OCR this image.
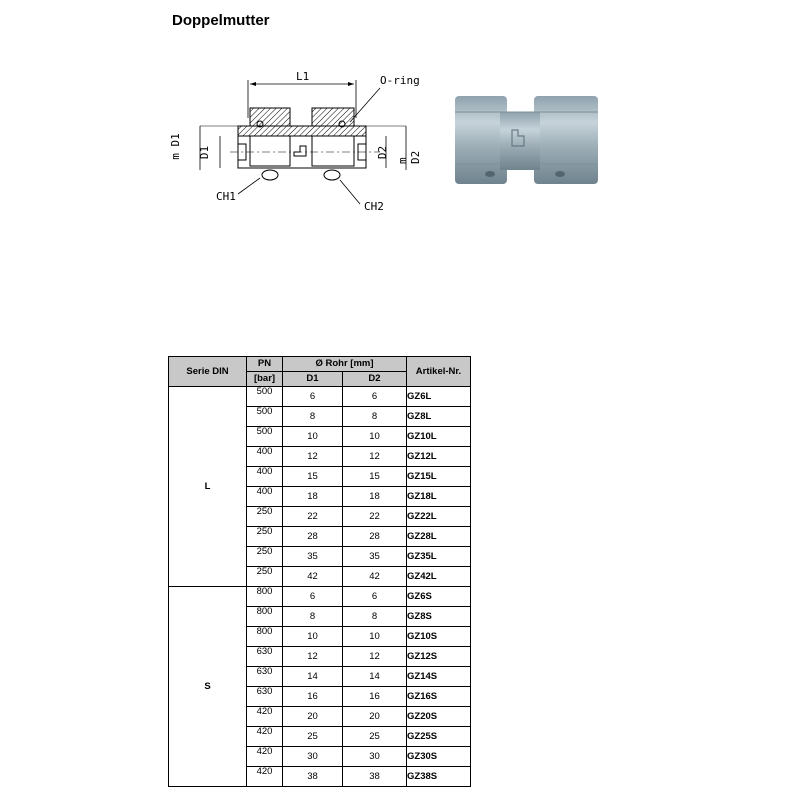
Doppelmutter
L1	O-ring
m D1 D1	D2
m D2
CH1
CH2
Serie DIN	PN	Ø Rohr [mm]		Artikel-Nr.
	[bar]	D1	D2	
L	500	6	6	GZ6L
	500	8	8	GZ8L
	500	10	10	GZ10L
	400	12	12	GZ12L
	400	15	15	GZ15L
	400	18	18	GZ18L
	250	22	22	GZ22L
	250	28	28	GZ28L
	250	35	35	GZ35L
	250	42	42	GZ42L
S	800	6	6	GZ6S
	800	8	8	GZ8S
	800	10	10	GZ10S
	630	12	12	GZ12S
	630	14	14	GZ14S
	630	16	16	GZ16S
	420	20	20	GZ20S
	420	25	25	GZ25S
	420	30	30	GZ30S
	420	38	38	GZ38S
